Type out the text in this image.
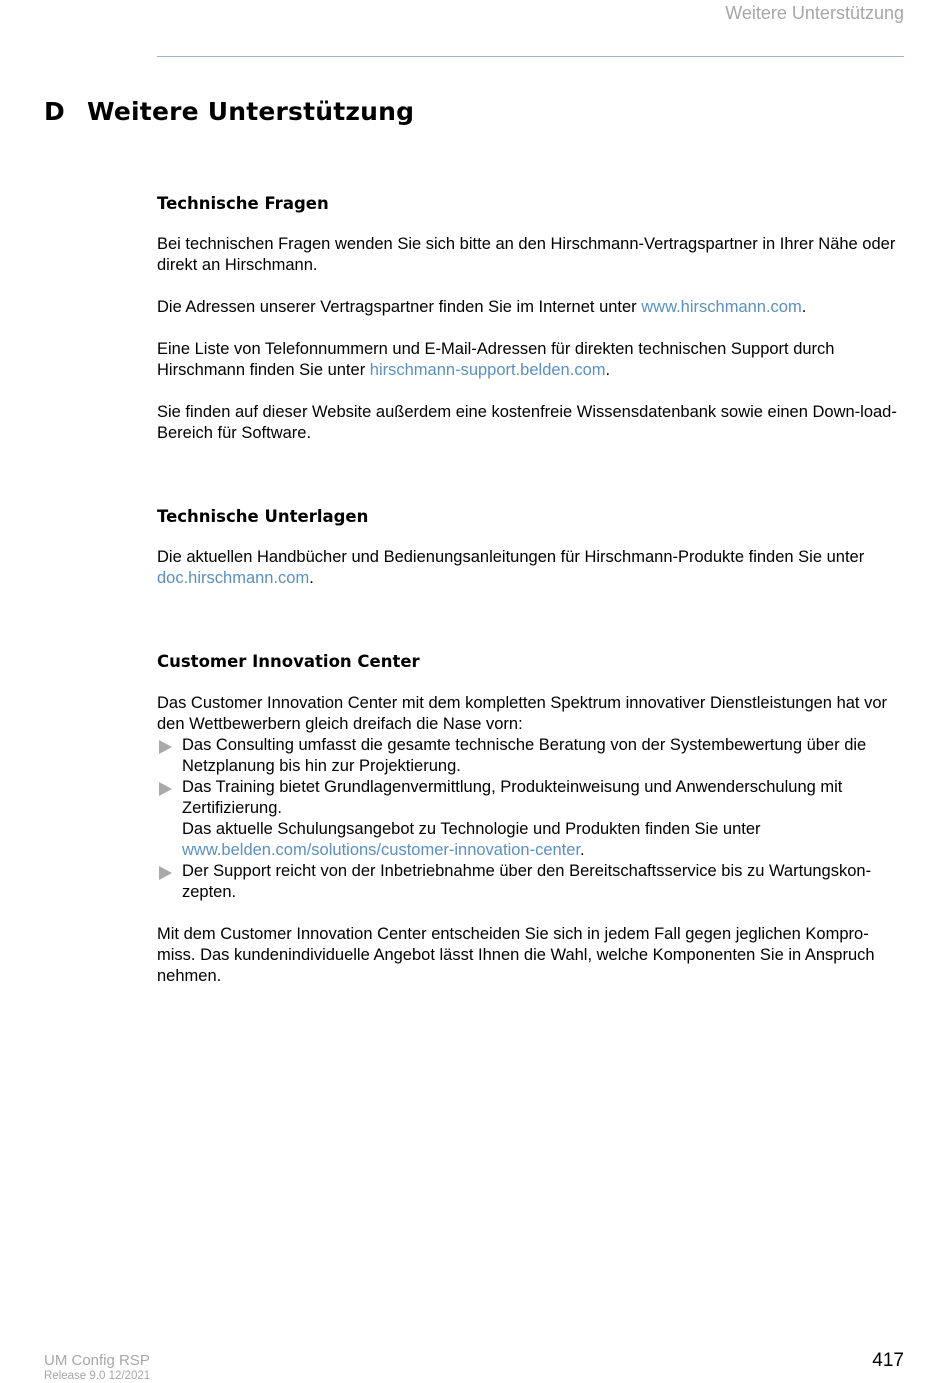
Weitere Unterstützung
D Weitere Unterstützung
Technische Fragen

Bei technischen Fragen wenden Sie sich bitte an den Hirschmann-Vertragspartner in Ihrer Nähe oder direkt an Hirschmann.

Die Adressen unserer Vertragspartner finden Sie im Internet unter www.hirschmann.com.

Eine Liste von Telefonnummern und E-Mail-Adressen für direkten technischen Support durch Hirschmann finden Sie unter hirschmann-support.belden.com.

Sie finden auf dieser Website außerdem eine kostenfreie Wissensdatenbank sowie einen Down-load-Bereich für Software.

Technische Unterlagen

Die aktuellen Handbücher und Bedienungsanleitungen für Hirschmann-Produkte finden Sie unter doc.hirschmann.com.

Customer Innovation Center

Das Customer Innovation Center mit dem kompletten Spektrum innovativer Dienstleistungen hat vor den Wettbewerbern gleich dreifach die Nase vorn:

Das Consulting umfasst die gesamte technische Beratung von der Systembewertung über die Netzplanung bis hin zur Projektierung.
Das Training bietet Grundlagenvermittlung, Produkteinweisung und Anwenderschulung mit Zertifizierung.
Das aktuelle Schulungsangebot zu Technologie und Produkten finden Sie unter
www.belden.com/solutions/customer-innovation-center.
Der Support reicht von der Inbetriebnahme über den Bereitschaftsservice bis zu Wartungskon-zepten.

Mit dem Customer Innovation Center entscheiden Sie sich in jedem Fall gegen jeglichen Kompro-miss. Das kundenindividuelle Angebot lässt Ihnen die Wahl, welche Komponenten Sie in Anspruch nehmen.

UM Config RSP
Release 9.0 12/2021
417
